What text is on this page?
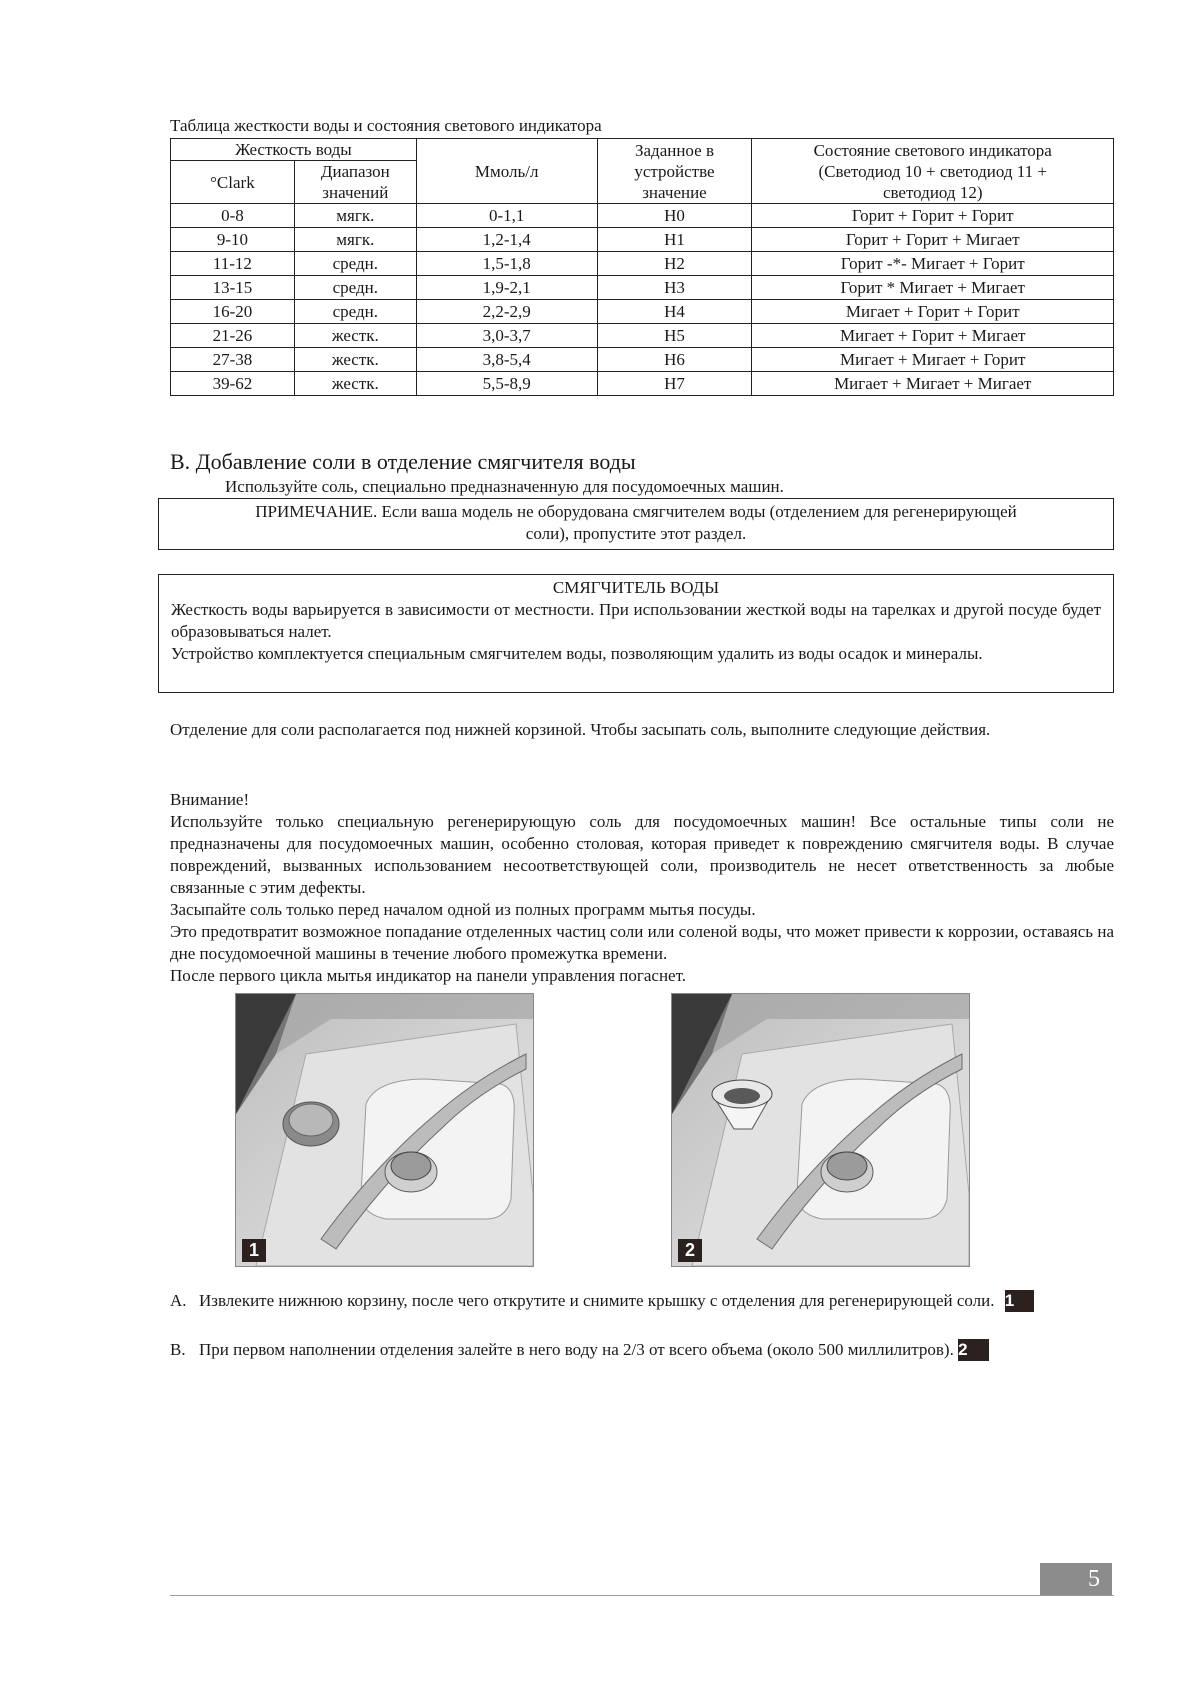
Таблица жесткости воды и состояния светового индикатора
Жесткость воды		Ммоль/л	Заданное в устройстве значение	Состояние светового индикатора (Светодиод 10 + светодиод 11 + светодиод 12)
°Clark	Диапазон значений			
0-8	мягк.	0-1,1	H0	Горит + Горит + Горит
9-10	мягк.	1,2-1,4	H1	Горит + Горит + Мигает
11-12	средн.	1,5-1,8	H2	Горит -*- Мигает + Горит
13-15	средн.	1,9-2,1	H3	Горит * Мигает + Мигает
16-20	средн.	2,2-2,9	H4	Мигает + Горит + Горит
21-26	жестк.	3,0-3,7	H5	Мигает + Горит + Мигает
27-38	жестк.	3,8-5,4	H6	Мигает + Мигает + Горит
39-62	жестк.	5,5-8,9	H7	Мигает + Мигает + Мигает
B. Добавление соли в отделение смягчителя воды
Используйте соль, специально предназначенную для посудомоечных машин.
ПРИМЕЧАНИЕ. Если ваша модель не оборудована смягчителем воды (отделением для регенерирующей
соли), пропустите этот раздел.
СМЯГЧИТЕЛЬ ВОДЫ
Жесткость воды варьируется в зависимости от местности. При использовании жесткой воды на тарелках и другой посуде будет образовываться налет.
Устройство комплектуется специальным смягчителем воды, позволяющим удалить из воды осадок и минералы.
Отделение для соли располагается под нижней корзиной. Чтобы засыпать соль, выполните следующие действия.
Внимание!
Используйте только специальную регенерирующую соль для посудомоечных машин! Все остальные типы соли не предназначены для посудомоечных машин, особенно столовая, которая приведет к повреждению смягчителя воды. В случае повреждений, вызванных использованием несоответствующей соли, производитель не несет ответственность за любые связанные с этим дефекты.
Засыпайте соль только перед началом одной из полных программ мытья посуды.
Это предотвратит возможное попадание отделенных частиц соли или соленой воды, что может привести к коррозии, оставаясь на дне посудомоечной машины в течение любого промежутка времени.
После первого цикла мытья индикатор на панели управления погаснет.
1	2
A. Извлеките нижнюю корзину, после чего открутите и снимите крышку с отделения для регенерирующей соли. 1
B. При первом наполнении отделения залейте в него воду на 2/3 от всего объема (около 500 миллилитров). 2
5
